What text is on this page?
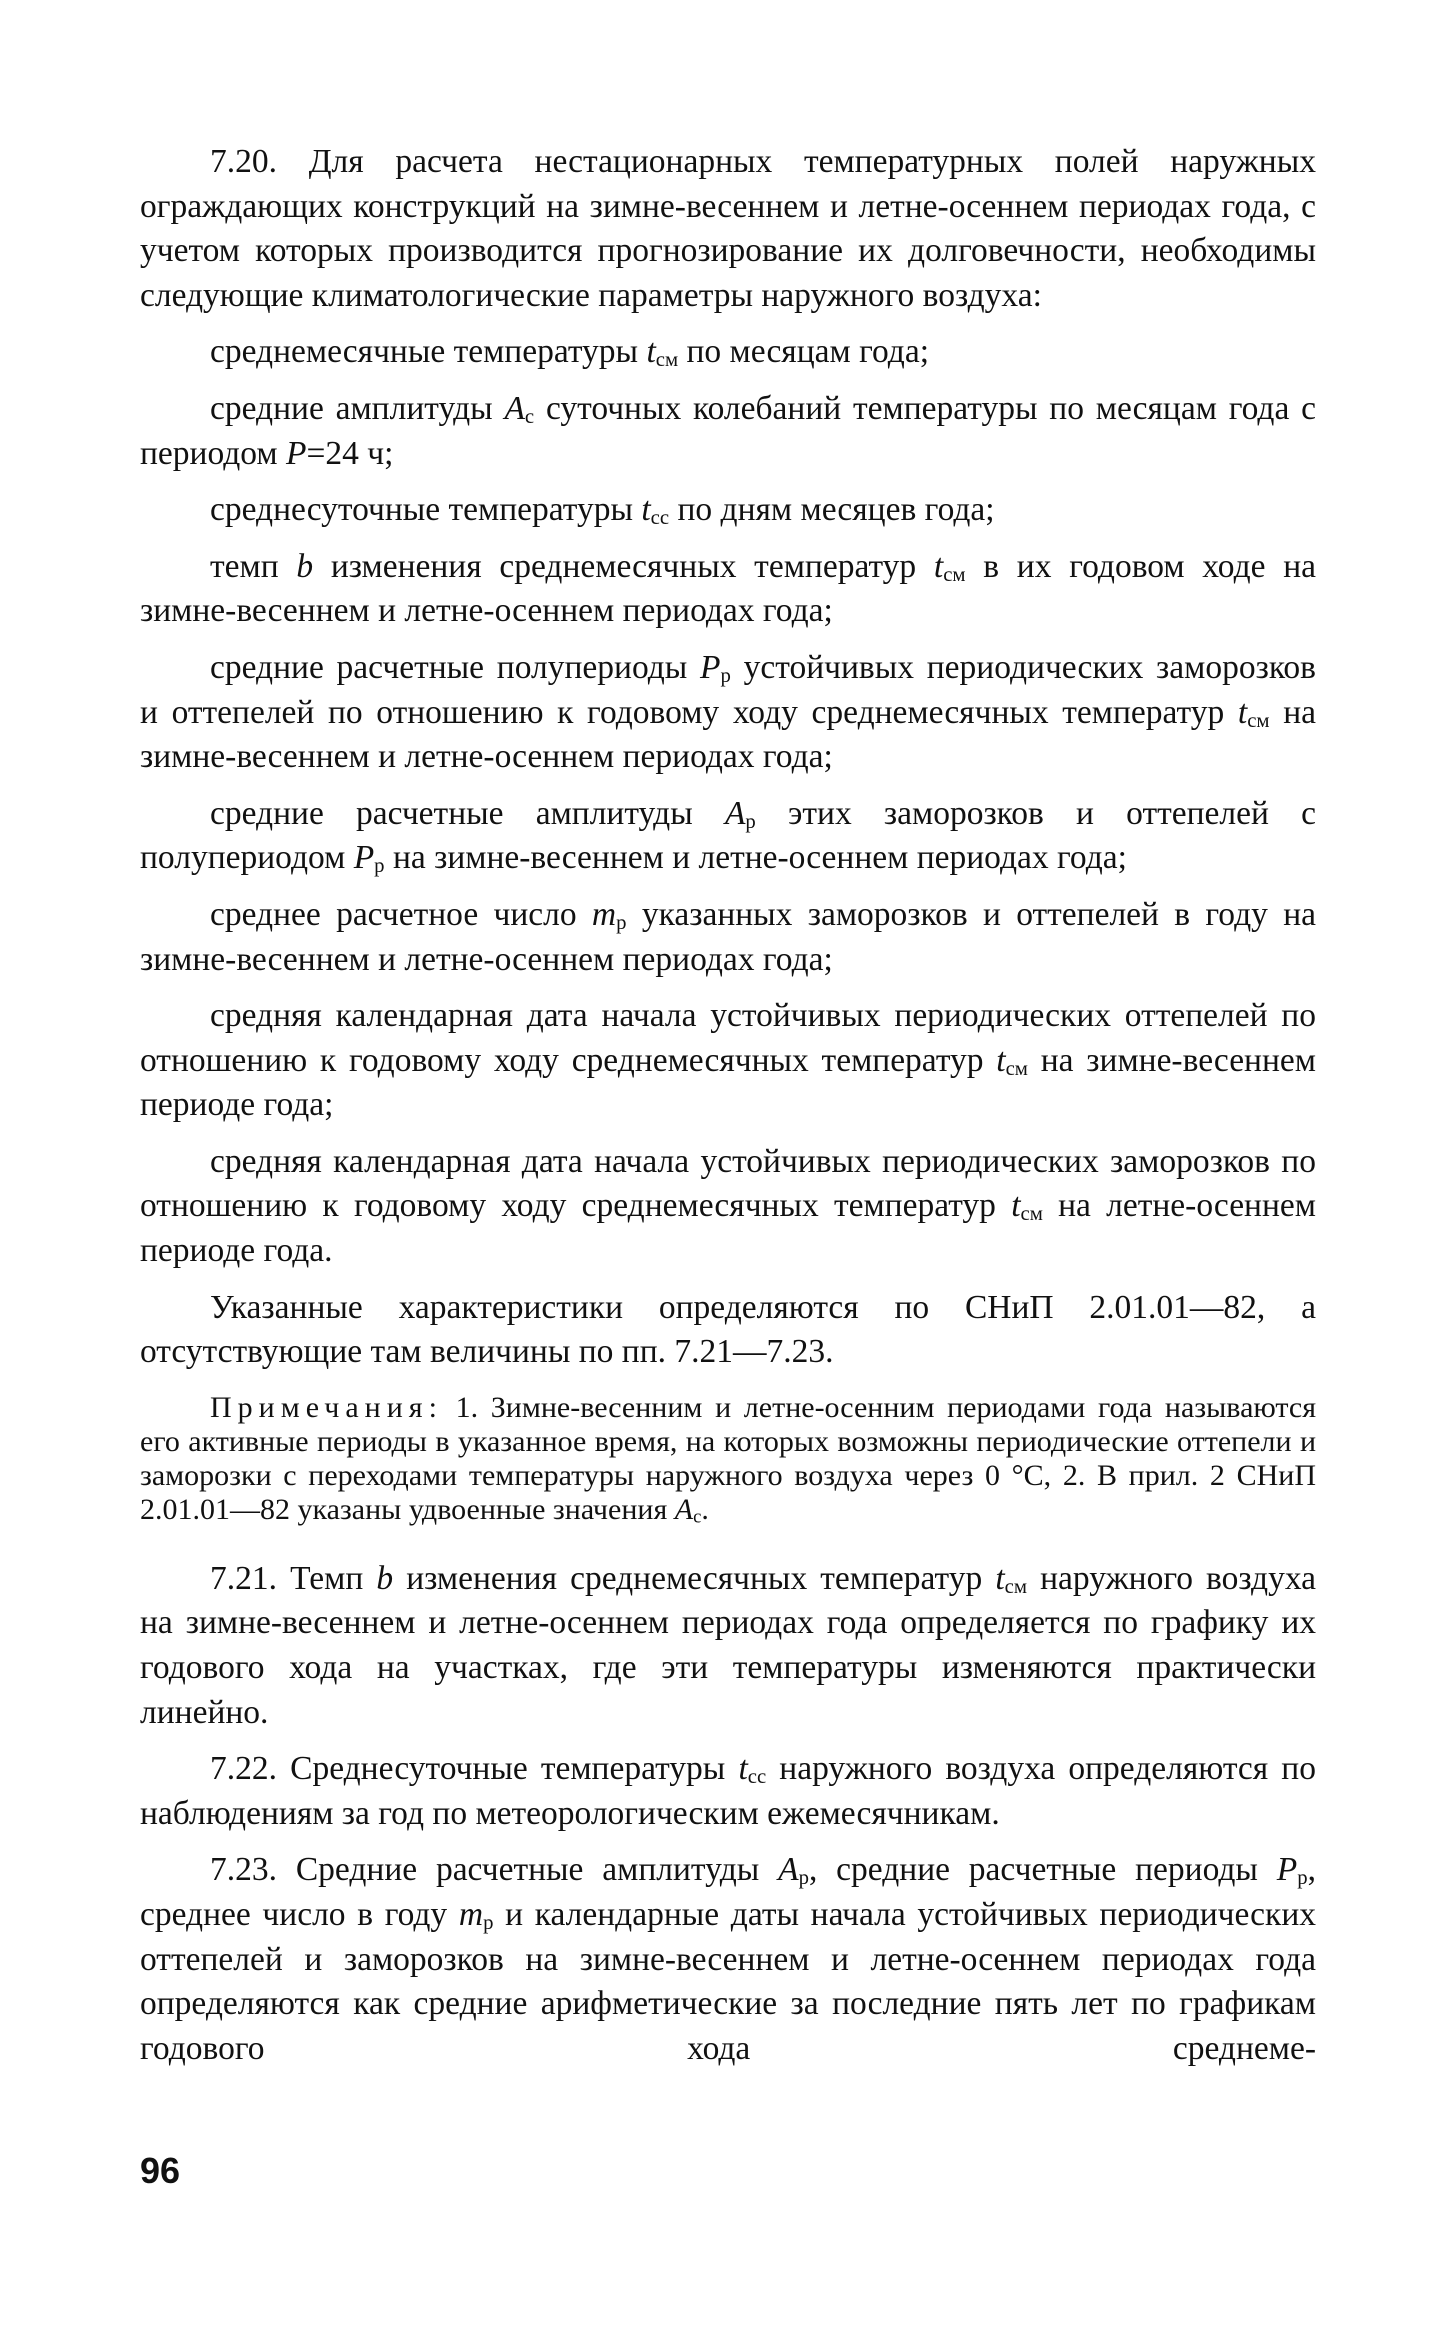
7.20. Для расчета нестационарных температурных полей наружных ограждающих конструкций на зимне-весеннем и летне-осеннем периодах года, с учетом которых производится прогнозирование их долговечности, необходимы следующие климатологические параметры наружного воздуха:

среднемесячные температуры $t_{см}$ по месяцам года;

средние амплитуды $A_с$ суточных колебаний температуры по месяцам года с периодом P=24 ч;

среднесуточные температуры $t_{сс}$ по дням месяцев года;

темп b изменения среднемесячных температур $t_{см}$ в их годовом ходе на зимне-весеннем и летне-осеннем периодах года;

средние расчетные полупериоды $P_р$ устойчивых периодических заморозков и оттепелей по отношению к годовому ходу среднемесячных температур $t_{см}$ на зимне-весеннем и летне-осеннем периодах года;

средние расчетные амплитуды $A_р$ этих заморозков и оттепелей с полупериодом $P_р$ на зимне-весеннем и летне-осеннем периодах года;

среднее расчетное число $m_р$ указанных заморозков и оттепелей в году на зимне-весеннем и летне-осеннем периодах года;

средняя календарная дата начала устойчивых периодических оттепелей по отношению к годовому ходу среднемесячных температур $t_{см}$ на зимне-весеннем периоде года;

средняя календарная дата начала устойчивых периодических заморозков по отношению к годовому ходу среднемесячных температур $t_{см}$ на летне-осеннем периоде года.

Указанные характеристики определяются по СНиП 2.01.01—82, а отсутствующие там величины по пп. 7.21—7.23.

Примечания: 1. Зимне-весенним и летне-осенним периодами года называются его активные периоды в указанное время, на которых возможны периодические оттепели и заморозки с переходами температуры наружного воздуха через 0 °С, 2. В прил. 2 СНиП 2.01.01—82 указаны удвоенные значения $A_с$.

7.21. Темп b изменения среднемесячных температур $t_{см}$ наружного воздуха на зимне-весеннем и летне-осеннем периодах года определяется по графику их годового хода на участках, где эти температуры изменяются практически линейно.

7.22. Среднесуточные температуры $t_{сс}$ наружного воздуха определяются по наблюдениям за год по метеорологическим ежемесячникам.

7.23. Средние расчетные амплитуды $A_р$, средние расчетные периоды $P_р$, среднее число в году $m_р$ и календарные даты начала устойчивых периодических оттепелей и заморозков на зимне-весеннем и летне-осеннем периодах года определяются как средние арифметические за последние пять лет по графикам годового хода среднеме-

96
